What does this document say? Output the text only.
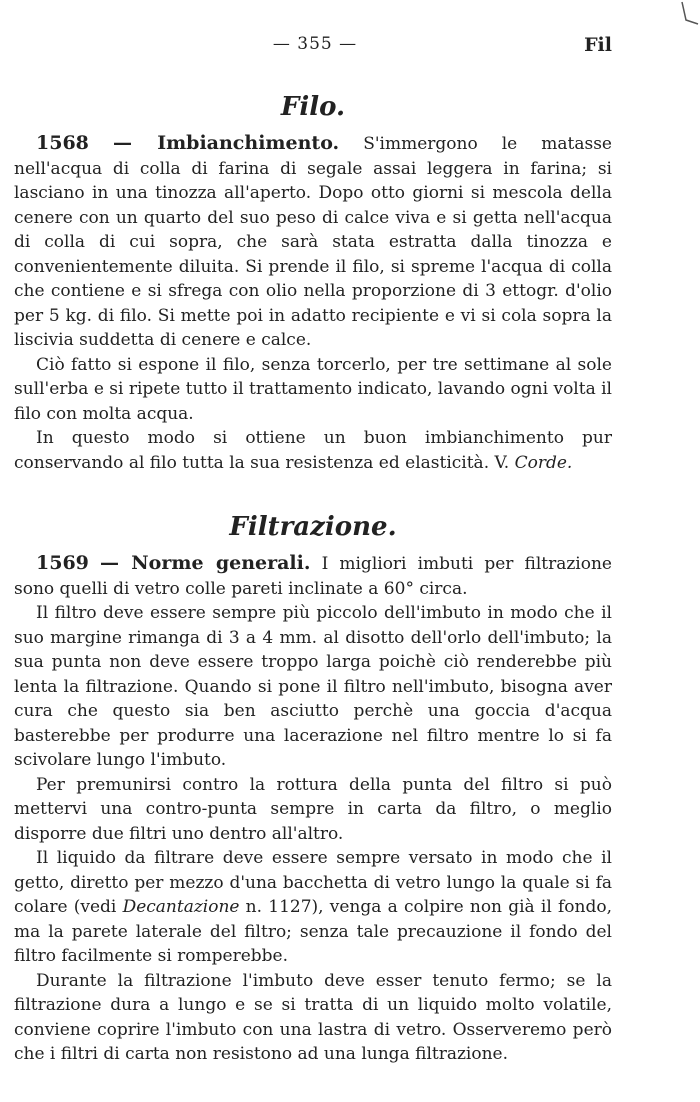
— 355 —	Fil
Filo.

1568 — Imbianchimento. S'immergono le matasse nell'acqua di colla di farina di segale assai leggera in farina; si lasciano in una tinozza all'aperto. Dopo otto giorni si mescola della cenere con un quarto del suo peso di calce viva e si getta nell'acqua di colla di cui sopra, che sarà stata estratta dalla tinozza e convenientemente diluita. Si prende il filo, si spreme l'acqua di colla che contiene e si sfrega con olio nella proporzione di 3 ettogr. d'olio per 5 kg. di filo. Si mette poi in adatto recipiente e vi si cola sopra la liscivia suddetta di cenere e calce.

Ciò fatto si espone il filo, senza torcerlo, per tre settimane al sole sull'erba e si ripete tutto il trattamento indicato, lavando ogni volta il filo con molta acqua.

In questo modo si ottiene un buon imbianchimento pur conservando al filo tutta la sua resistenza ed elasticità. V. Corde.

Filtrazione.

1569 — Norme generali. I migliori imbuti per filtrazione sono quelli di vetro colle pareti inclinate a 60° circa.

Il filtro deve essere sempre più piccolo dell'imbuto in modo che il suo margine rimanga di 3 a 4 mm. al disotto dell'orlo dell'imbuto; la sua punta non deve essere troppo larga poichè ciò renderebbe più lenta la filtrazione. Quando si pone il filtro nell'imbuto, bisogna aver cura che questo sia ben asciutto perchè una goccia d'acqua basterebbe per produrre una lacerazione nel filtro mentre lo si fa scivolare lungo l'imbuto.

Per premunirsi contro la rottura della punta del filtro si può mettervi una contro-punta sempre in carta da filtro, o meglio disporre due filtri uno dentro all'altro.

Il liquido da filtrare deve essere sempre versato in modo che il getto, diretto per mezzo d'una bacchetta di vetro lungo la quale si fa colare (vedi Decantazione n. 1127), venga a colpire non già il fondo, ma la parete laterale del filtro; senza tale precauzione il fondo del filtro facilmente si romperebbe.

Durante la filtrazione l'imbuto deve esser tenuto fermo; se la filtrazione dura a lungo e se si tratta di un liquido molto volatile, conviene coprire l'imbuto con una lastra di vetro. Osserveremo però che i filtri di carta non resistono ad una lunga filtrazione.
